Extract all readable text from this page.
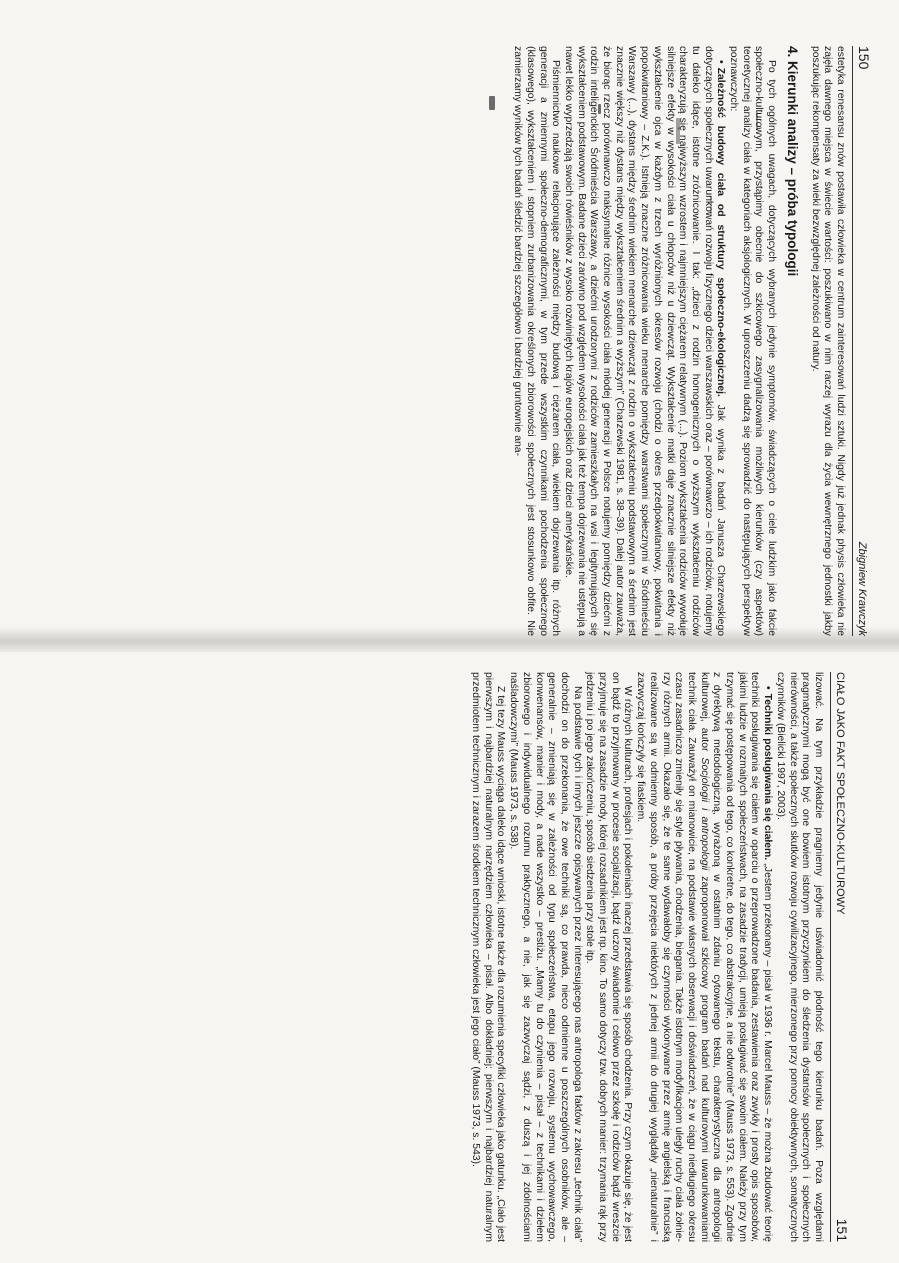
150
Zbigniew Krawczyk

estetyka renesansu znów postawiła człowieka w centrum zainteresowań ludzi sztuki. Nigdy już jednak physis człowieka nie zajęła dawnego miejsca w świecie wartości: poszukiwano w nim raczej wyrazu dla życia wewnętrznego jednostki jakby poszukując rekompensaty za wieki bezwzględnej zależności od natury.

4. Kierunki analizy – próba typologii

Po tych ogólnych uwagach, dotyczących wybranych jedynie symptomów, świadczących o ciele ludzkim jako fakcie społeczno-kulturowym, przystąpimy obecnie do szkicowego zasygnalizowania możliwych kierunków (czy aspektów) teoretycznej analizy ciała w kategoriach aksjologicznych. W uproszczeniu dadzą się sprowadzić do następujących perspektyw poznawczych:

•Zależność budowy ciała od struktury społeczno-ekologicznej. Jak wynika z badań Janusza Charzewskiego dotyczących społecznych uwarunkowań rozwoju fizycznego dzieci warszawskich oraz – porównawczo – ich rodziców, notujemy tu daleko idące, istotne zróżnicowanie. I tak: „dzieci z rodzin homogenicznych o wyższym wykształceniu rodziców charakteryzują się najwyższym wzrostem i najmniejszym ciężarem relatywnym (...). Poziom wykształcenia rodziców wywołuje silniejsze efekty w wysokości ciała u chłopców niż u dziewcząt. Wykształcenie matki daje znacznie silniejsze efekty niż wykształcenie ojca w każdym z trzech wyróżnionych okresów rozwoju (chodzi o okres przedpokwitaniowy, pokwitania i popokwitaniowy – Z.K.). Istnieją znaczne zróżnicowania wieku menarche pomiędzy warstwami społecznymi w Śródmieściu Warszawy (...), dystans między średnim wiekiem menarche dziewcząt z rodzin o wykształceniu podstawowym a średnim jest znacznie większy niż dystans między wykształceniem średnim a wyższym” (Charzewski 1981, s. 38–39). Dalej autor zauważa, że biorąc rzecz porównawczo maksymalne różnice wysokości ciała młodej generacji w Polsce notujemy pomiędzy dziećmi z rodzin inteligenckich Śródmieścia Warszawy, a dziećmi urodzonymi z rodziców zamieszkałych na wsi i legitymujących się wykształceniem podstawowym. Badane dzieci zarówno pod względem wysokości ciała jak też tempa dojrzewania nie ustępują a nawet lekko wyprzedzają swoich rówieśników z wysoko rozwiniętych krajów europejskich oraz dzieci amerykańskie.

Piśmiennictwo naukowe relacjonujące zależności między budową i ciężarem ciała, wiekiem dojrzewania itp. różnych generacji a zmiennymi społeczno-demograficznymi, w tym przede wszystkim czynnikami pochodzenia społecznego (klasowego), wykształceniem i stopniem zurbanizowania określonych zbiorowości społecznych jest stosunkowo obfite. Nie zamierzamy wyników tych badań śledzić bardziej szczegółowo i bardziej gruntownie ana-

CIAŁO JAKO FAKT SPOŁECZNO-KULTUROWY
151

lizować. Na tym przykładzie pragniemy jedynie uświadomić płodność tego kierunku badań. Poza względami pragmatycznymi mogą być one bowiem istotnym przyczynkiem do śledzenia dystansów społecznych i społecznych nierówności, a także społecznych skutków rozwoju cywilizacyjnego, mierzonego przy pomocy obiektywnych, somatycznych czynników (Bielicki 1997, 2003).

•Techniki posługiwania się ciałem. „Jestem przekonany – pisał w 1936 r. Marcel Mauss – że można zbudować teorię techniki posługiwania się ciałem w oparciu o przeprowadzone badania, zestawienia oraz zwykły i prosty opis sposobów, jakimi ludzie w rozmaitych społeczeństwach, na zasadzie tradycji, umieją posługiwać się swoim ciałem. Należy przy tym trzymać się postępowania od tego, co konkretne, do tego, co abstrakcyjne, a nie odwrotnie” (Mauss 1973, s. 553). Zgodnie z dyrektywą metodologiczną, wyrażoną w ostatnim zdaniu cytowanego tekstu, charakterystyczna dla antropologii kulturowej, autor Socjologii i antropologii zaproponował szkicowy program badań nad kulturowymi uwarunkowaniami technik ciała. Zauważył on mianowicie, na podstawie własnych obserwacji i doświadczeń, że w ciągu niedługiego okresu czasu zasadniczo zmieniły się style pływania, chodzenia, biegania. Także istotnym modyfikacjom uległy ruchy ciała żołnierzy różnych armii. Okazało się, że te same wydawałoby się czynności wykonywane przez armię angielską i francuską realizowane są w odmienny sposób, a próby przejęcia niektórych z jednej armii do drugiej wyglądały „nienaturalnie” i zazwyczaj kończyły się fiaskiem.

W różnych kulturach, profesjach i pokoleniach inaczej przedstawia się sposób chodzenia. Przy czym okazuje się, że jest on bądź to przyjmowany w procesie socjalizacji, bądź uczony świadomie i celowo przez szkołę i rodziców bądź wreszcie przyjmuje się na zasadzie mody, której rozsadnikiem jest np. kino. To samo dotyczy tzw. dobrych manier: trzymania rąk przy jedzeniu i po jego zakończeniu, sposób siedzenia przy stole itp.

Na podstawie tych i innych jeszcze opisywanych przez interesującego nas antropologa faktów z zakresu „technik ciała” dochodzi on do przekonania, że owe techniki są, co prawda, nieco odmienne u poszczególnych osobników, ale – generalnie – zmieniają się w zależności od typu społeczeństwa, etapu jego rozwoju, systemu wychowawczego, konwenansów, manier i mody, a nade wszystko – prestiżu. „Mamy tu do czynienia – pisał – z technikami i dziełem zbiorowego i indywidualnego rozumu praktycznego, a nie, jak się zazwyczaj sądzi, z duszą i jej zdolnościami naśladowczymi” (Mauss 1973, s. 538).

Z tej tezy Mauss wyciąga daleko idące wnioski, istotne także dla rozumienia specyfiki człowieka jako gatunku. „Ciało jest pierwszym i najbardziej naturalnym narzędziem człowieka – pisał. Albo dokładniej: pierwszym i najbardziej naturalnym przedmiotem technicznym i zarazem środkiem technicznym człowieka jest jego ciało” (Mauss 1973, s. 543).
